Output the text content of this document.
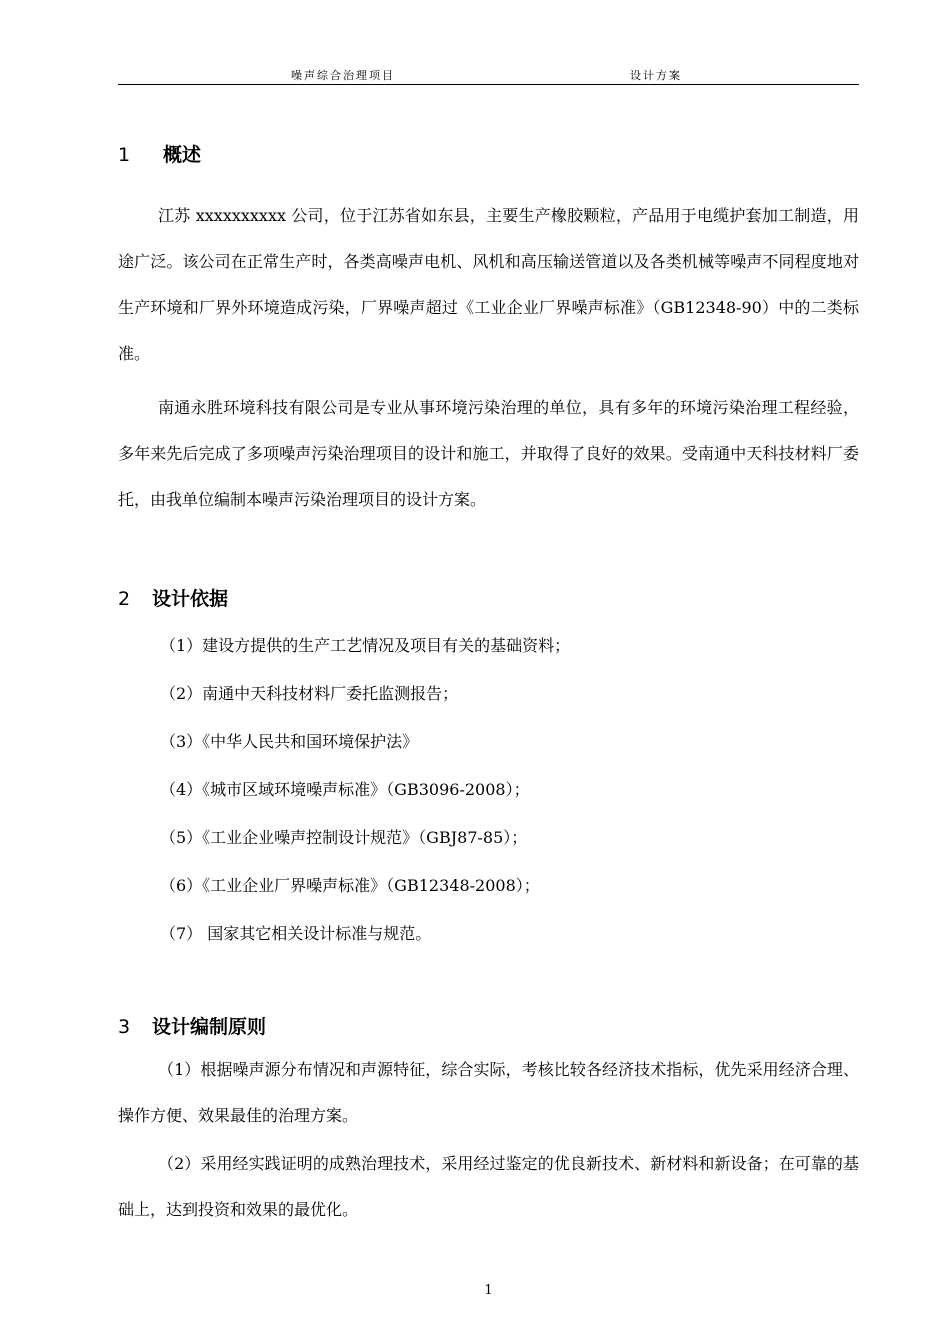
噪声综合治理项目	设计方案
1 概述

江苏 xxxxxxxxxx 公司，位于江苏省如东县，主要生产橡胶颗粒，产品用于电缆护套加工制造，用途广泛。该公司在正常生产时，各类高噪声电机、风机和高压输送管道以及各类机械等噪声不同程度地对生产环境和厂界外环境造成污染，厂界噪声超过《工业企业厂界噪声标准》（GB12348-90）中的二类标准。

南通永胜环境科技有限公司是专业从事环境污染治理的单位，具有多年的环境污染治理工程经验，多年来先后完成了多项噪声污染治理项目的设计和施工，并取得了良好的效果。受南通中天科技材料厂委托，由我单位编制本噪声污染治理项目的设计方案。

2 设计依据
（1）建设方提供的生产工艺情况及项目有关的基础资料；
（2）南通中天科技材料厂委托监测报告；
（3）《中华人民共和国环境保护法》
（4）《城市区域环境噪声标准》（GB3096-2008）；
（5）《工业企业噪声控制设计规范》（GBJ87-85）；
（6）《工业企业厂界噪声标准》（GB12348-2008）；
（7） 国家其它相关设计标准与规范。
3 设计编制原则

（1）根据噪声源分布情况和声源特征，综合实际，考核比较各经济技术指标，优先采用经济合理、操作方便、效果最佳的治理方案。

（2）采用经实践证明的成熟治理技术，采用经过鉴定的优良新技术、新材料和新设备；在可靠的基础上，达到投资和效果的最优化。

1
